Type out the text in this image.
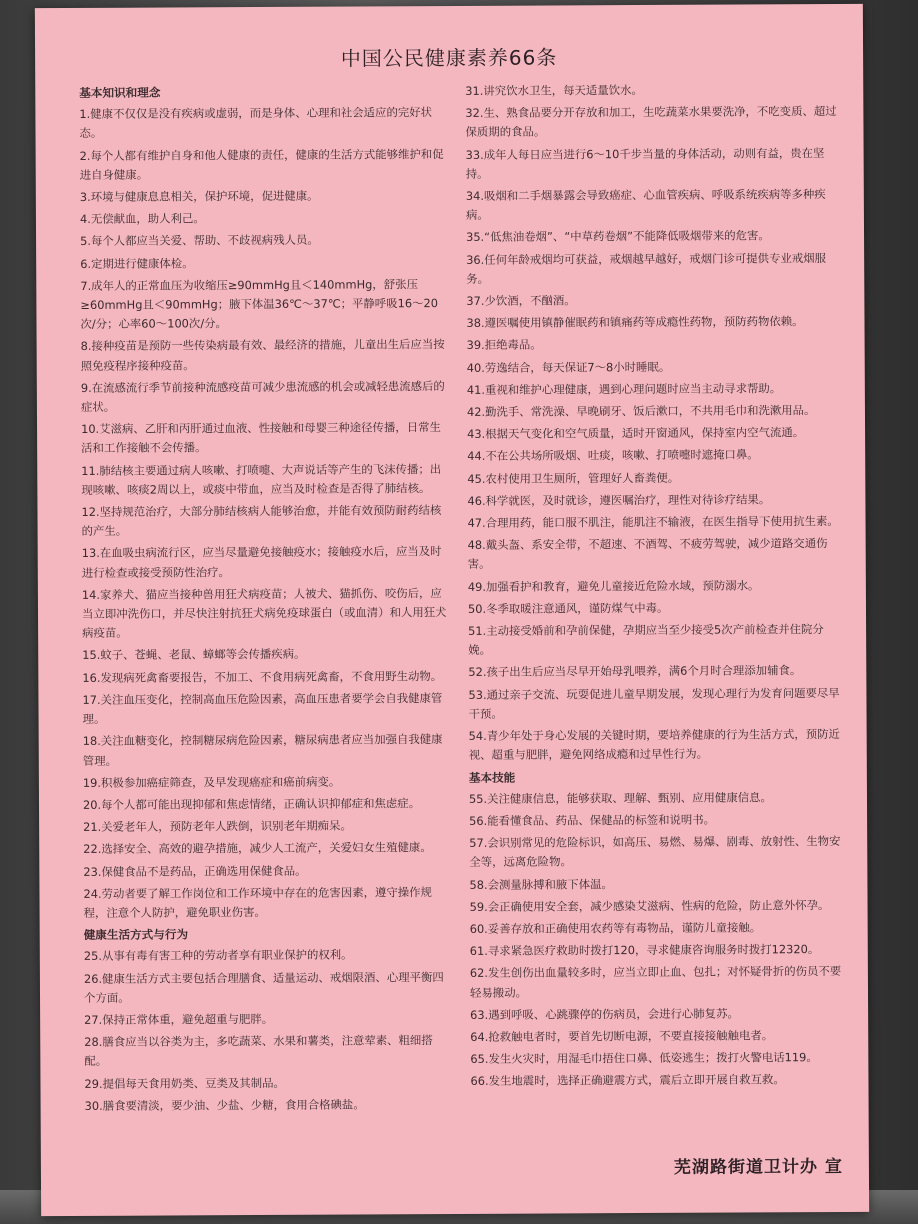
中国公民健康素养66条
基本知识和理念
1.健康不仅仅是没有疾病或虚弱，而是身体、心理和社会适应的完好状态。
2.每个人都有维护自身和他人健康的责任，健康的生活方式能够维护和促进自身健康。
3.环境与健康息息相关，保护环境，促进健康。
4.无偿献血，助人利己。
5.每个人都应当关爱、帮助、不歧视病残人员。
6.定期进行健康体检。
7.成年人的正常血压为收缩压≥90mmHg且＜140mmHg，舒张压≥60mmHg且＜90mmHg；腋下体温36℃～37℃；平静呼吸16～20次/分；心率60～100次/分。
8.接种疫苗是预防一些传染病最有效、最经济的措施，儿童出生后应当按照免疫程序接种疫苗。
9.在流感流行季节前接种流感疫苗可减少患流感的机会或减轻患流感后的症状。
10.艾滋病、乙肝和丙肝通过血液、性接触和母婴三种途径传播，日常生活和工作接触不会传播。
11.肺结核主要通过病人咳嗽、打喷嚏、大声说话等产生的飞沫传播；出现咳嗽、咳痰2周以上，或痰中带血，应当及时检查是否得了肺结核。
12.坚持规范治疗，大部分肺结核病人能够治愈，并能有效预防耐药结核的产生。
13.在血吸虫病流行区，应当尽量避免接触疫水；接触疫水后，应当及时进行检查或接受预防性治疗。
14.家养犬、猫应当接种兽用狂犬病疫苗；人被犬、猫抓伤、咬伤后，应当立即冲洗伤口，并尽快注射抗狂犬病免疫球蛋白（或血清）和人用狂犬病疫苗。
15.蚊子、苍蝇、老鼠、蟑螂等会传播疾病。
16.发现病死禽畜要报告，不加工、不食用病死禽畜，不食用野生动物。
17.关注血压变化，控制高血压危险因素，高血压患者要学会自我健康管理。
18.关注血糖变化，控制糖尿病危险因素，糖尿病患者应当加强自我健康管理。
19.积极参加癌症筛查，及早发现癌症和癌前病变。
20.每个人都可能出现抑郁和焦虑情绪，正确认识抑郁症和焦虑症。
21.关爱老年人，预防老年人跌倒，识别老年期痴呆。
22.选择安全、高效的避孕措施，减少人工流产，关爱妇女生殖健康。
23.保健食品不是药品，正确选用保健食品。
24.劳动者要了解工作岗位和工作环境中存在的危害因素，遵守操作规程，注意个人防护，避免职业伤害。
健康生活方式与行为
25.从事有毒有害工种的劳动者享有职业保护的权利。
26.健康生活方式主要包括合理膳食、适量运动、戒烟限酒、心理平衡四个方面。
27.保持正常体重，避免超重与肥胖。
28.膳食应当以谷类为主，多吃蔬菜、水果和薯类，注意荤素、粗细搭配。
29.提倡每天食用奶类、豆类及其制品。
30.膳食要清淡，要少油、少盐、少糖，食用合格碘盐。
31.讲究饮水卫生，每天适量饮水。
32.生、熟食品要分开存放和加工，生吃蔬菜水果要洗净，不吃变质、超过保质期的食品。
33.成年人每日应当进行6～10千步当量的身体活动，动则有益，贵在坚持。
34.吸烟和二手烟暴露会导致癌症、心血管疾病、呼吸系统疾病等多种疾病。
35.“低焦油卷烟”、“中草药卷烟”不能降低吸烟带来的危害。
36.任何年龄戒烟均可获益，戒烟越早越好，戒烟门诊可提供专业戒烟服务。
37.少饮酒，不酗酒。
38.遵医嘱使用镇静催眠药和镇痛药等成瘾性药物，预防药物依赖。
39.拒绝毒品。
40.劳逸结合，每天保证7～8小时睡眠。
41.重视和维护心理健康，遇到心理问题时应当主动寻求帮助。
42.勤洗手、常洗澡、早晚刷牙、饭后漱口，不共用毛巾和洗漱用品。
43.根据天气变化和空气质量，适时开窗通风，保持室内空气流通。
44.不在公共场所吸烟、吐痰，咳嗽、打喷嚏时遮掩口鼻。
45.农村使用卫生厕所，管理好人畜粪便。
46.科学就医，及时就诊，遵医嘱治疗，理性对待诊疗结果。
47.合理用药，能口服不肌注，能肌注不输液，在医生指导下使用抗生素。
48.戴头盔、系安全带，不超速、不酒驾、不疲劳驾驶，减少道路交通伤害。
49.加强看护和教育，避免儿童接近危险水域，预防溺水。
50.冬季取暖注意通风，谨防煤气中毒。
51.主动接受婚前和孕前保健，孕期应当至少接受5次产前检查并住院分娩。
52.孩子出生后应当尽早开始母乳喂养，满6个月时合理添加辅食。
53.通过亲子交流、玩耍促进儿童早期发展，发现心理行为发育问题要尽早干预。
54.青少年处于身心发展的关键时期，要培养健康的行为生活方式，预防近视、超重与肥胖，避免网络成瘾和过早性行为。
基本技能
55.关注健康信息，能够获取、理解、甄别、应用健康信息。
56.能看懂食品、药品、保健品的标签和说明书。
57.会识别常见的危险标识，如高压、易燃、易爆、剧毒、放射性、生物安全等，远离危险物。
58.会测量脉搏和腋下体温。
59.会正确使用安全套，减少感染艾滋病、性病的危险，防止意外怀孕。
60.妥善存放和正确使用农药等有毒物品，谨防儿童接触。
61.寻求紧急医疗救助时拨打120，寻求健康咨询服务时拨打12320。
62.发生创伤出血量较多时，应当立即止血、包扎；对怀疑骨折的伤员不要轻易搬动。
63.遇到呼吸、心跳骤停的伤病员，会进行心肺复苏。
64.抢救触电者时，要首先切断电源，不要直接接触触电者。
65.发生火灾时，用湿毛巾捂住口鼻、低姿逃生；拨打火警电话119。
66.发生地震时，选择正确避震方式，震后立即开展自救互救。
芜湖路街道卫计办 宣
